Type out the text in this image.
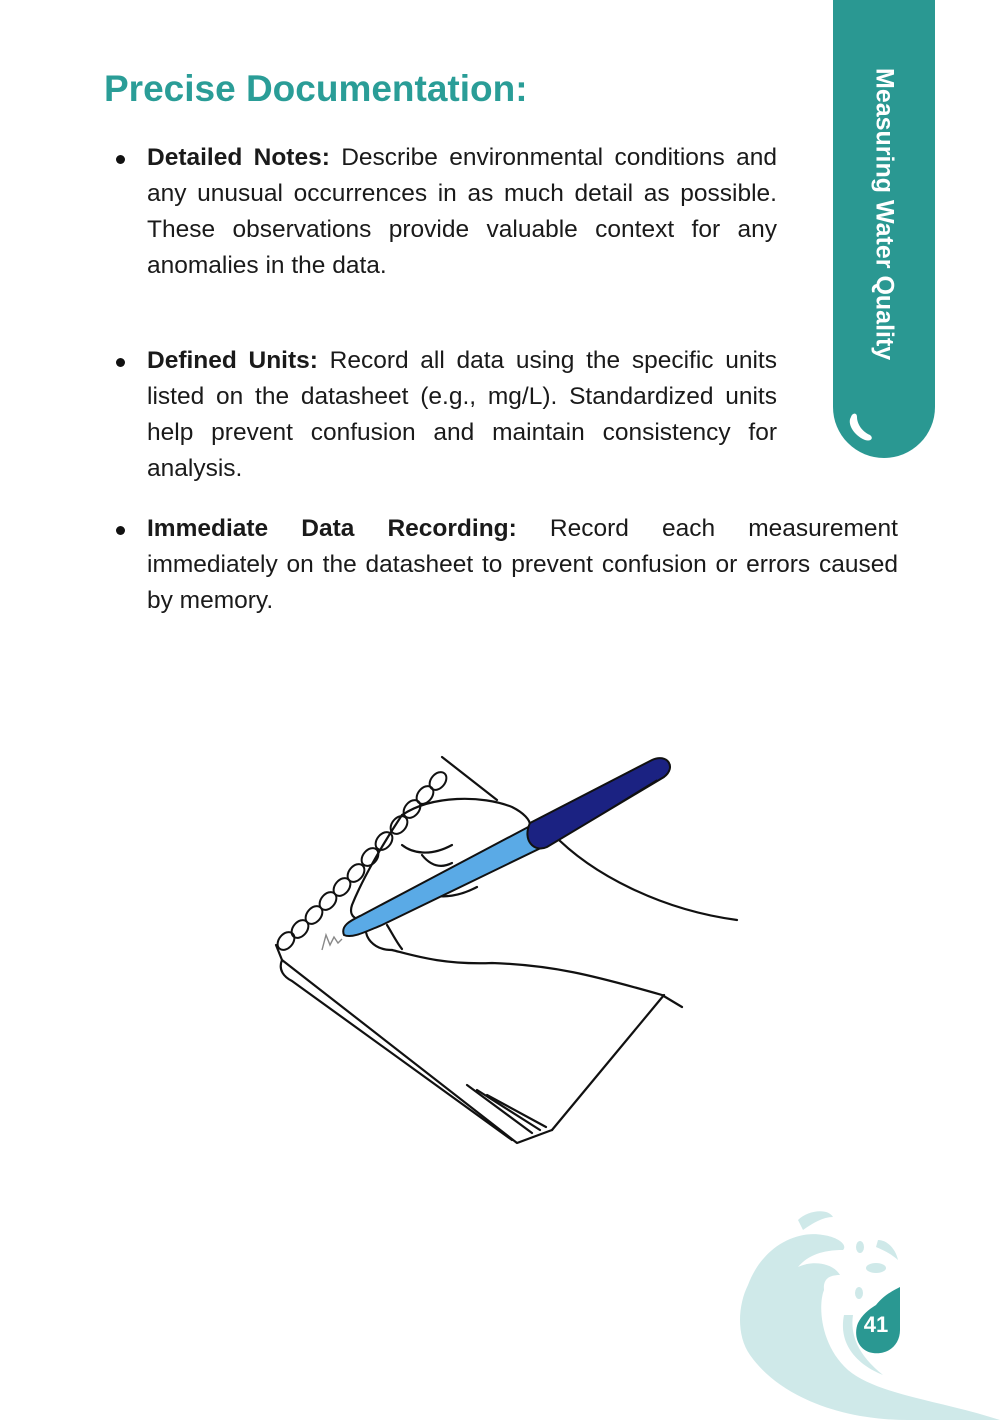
Precise Documentation:	Measuring Water Quality
Detailed Notes: Describe environmental conditions and any unusual occurrences in as much detail as possible. These observations provide valuable context for any anomalies in the data.
Defined Units: Record all data using the specific units listed on the datasheet (e.g., mg/L). Standardized units help prevent confusion and maintain consistency for analysis.
Immediate Data Recording: Record each measurement immediately on the datasheet to prevent confusion or errors caused by memory.
41
